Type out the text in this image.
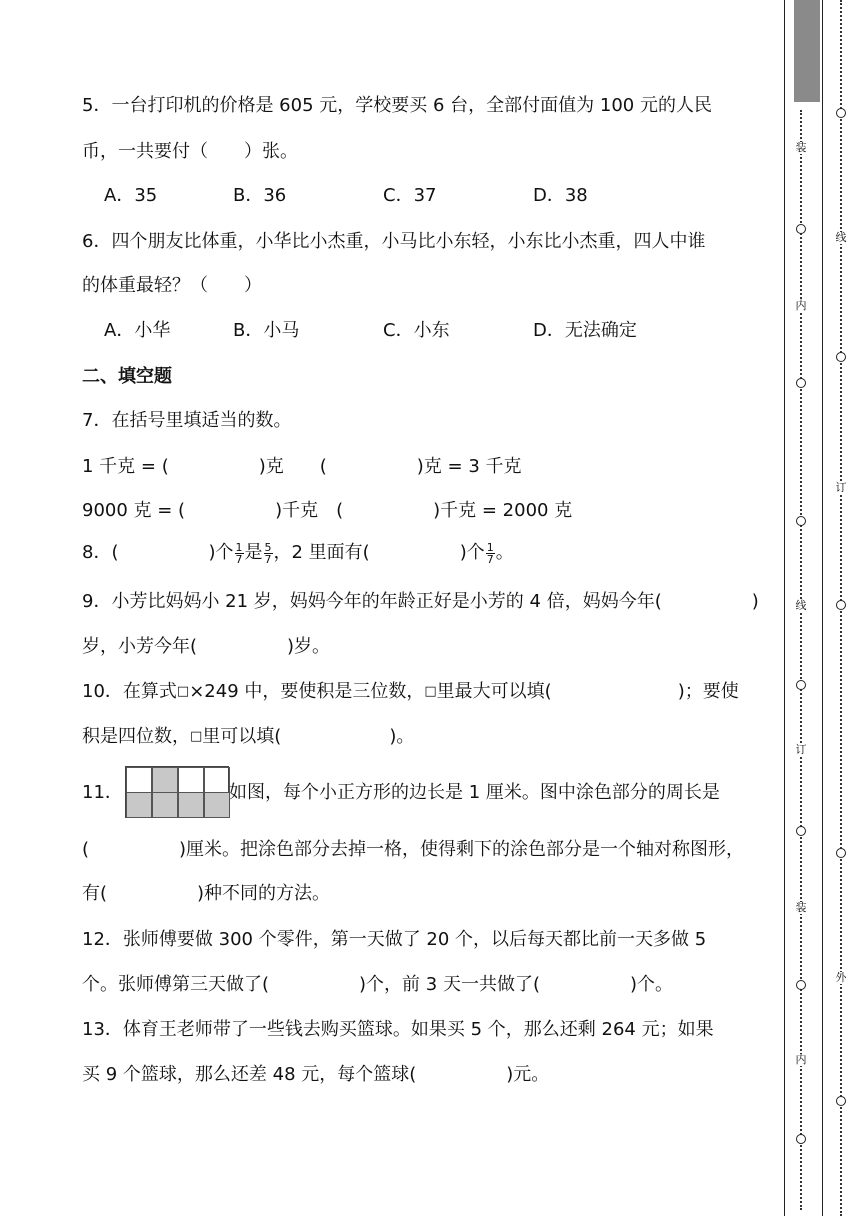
5．一台打印机的价格是 605 元，学校要买 6 台，全部付面值为 100 元的人民
币，一共要付（　　）张。
A．35	B．36	C．37	D．38
6．四个朋友比体重，小华比小杰重，小马比小东轻，小东比小杰重，四人中谁
的体重最轻？（　　）
A．小华	B．小马	C．小东	D．无法确定
二、填空题
7．在括号里填适当的数。
1 千克 = (　　　　　)克　　(　　　　　)克 = 3 千克
9000 克 = (　　　　　)千克　(　　　　　)千克 = 2000 克
8．(　　　　　)个 $\frac{1}{7}$ 是 $\frac{5}{7}$ ，2 里面有(　　　　　)个 $\frac{1}{7}$ 。
9．小芳比妈妈小 21 岁，妈妈今年的年龄正好是小芳的 4 倍，妈妈今年(　　　　　)
岁，小芳今年(　　　　　)岁。
10．在算式□×249 中，要使积是三位数，□里最大可以填(　　　　　　　)；要使
积是四位数，□里可以填(　　　　　　)。
11．	如图，每个小正方形的边长是 1 厘米。图中涂色部分的周长是
(　　　　　)厘米。把涂色部分去掉一格，使得剩下的涂色部分是一个轴对称图形，
有(　　　　　)种不同的方法。
12．张师傅要做 300 个零件，第一天做了 20 个，以后每天都比前一天多做 5
个。张师傅第三天做了(　　　　　)个，前 3 天一共做了(　　　　　)个。
13．体育王老师带了一些钱去购买篮球。如果买 5 个，那么还剩 264 元；如果
买 9 个篮球，那么还差 48 元，每个篮球(　　　　　)元。
装
内
线
订
装
内
线
订
外
